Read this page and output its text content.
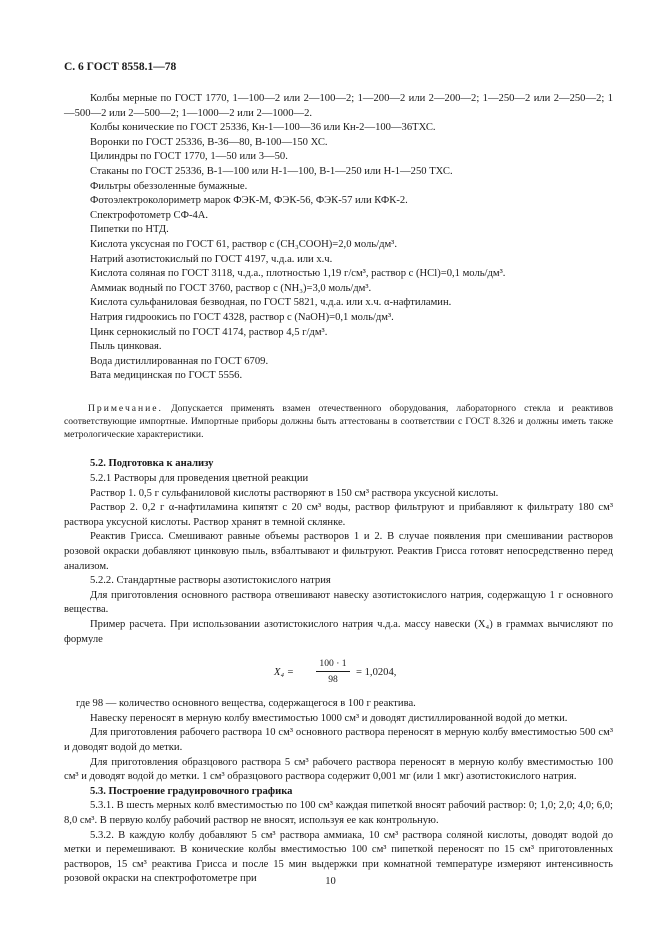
С. 6 ГОСТ 8558.1—78

Колбы мерные по ГОСТ 1770, 1—100—2 или 2—100—2; 1—200—2 или 2—200—2; 1—250—2 или 2—250—2; 1—500—2 или 2—500—2; 1—1000—2 или 2—1000—2.

Колбы конические по ГОСТ 25336, Кн-1—100—36 или Кн-2—100—36ТХС.

Воронки по ГОСТ 25336, В-36—80, В-100—150 ХС.

Цилиндры по ГОСТ 1770, 1—50 или 3—50.

Стаканы по ГОСТ 25336, В-1—100 или Н-1—100, В-1—250 или Н-1—250 ТХС.

Фильтры обеззоленные бумажные.

Фотоэлектроколориметр марок ФЭК-М, ФЭК-56, ФЭК-57 или КФК-2.

Спектрофотометр СФ-4А.

Пипетки по НТД.

Кислота уксусная по ГОСТ 61, раствор c (CH₃COOH)=2,0 моль/дм³.

Натрий азотистокислый по ГОСТ 4197, ч.д.а. или х.ч.

Кислота соляная по ГОСТ 3118, ч.д.а., плотностью 1,19 г/см³, раствор c (HCl)=0,1 моль/дм³.

Аммиак водный по ГОСТ 3760, раствор c (NH₃)=3,0 моль/дм³.

Кислота сульфаниловая безводная, по ГОСТ 5821, ч.д.а. или х.ч. α-нафтиламин.

Натрия гидроокись по ГОСТ 4328, раствор c (NaOH)=0,1 моль/дм³.

Цинк сернокислый по ГОСТ 4174, раствор 4,5 г/дм³.

Пыль цинковая.

Вода дистиллированная по ГОСТ 6709.

Вата медицинская по ГОСТ 5556.

Примечание. Допускается применять взамен отечественного оборудования, лабораторного стекла и реактивов соответствующие импортные. Импортные приборы должны быть аттестованы в соответствии с ГОСТ 8.326 и должны иметь также метрологические характеристики.

5.2. Подготовка к анализу

5.2.1 Растворы для проведения цветной реакции

Раствор 1. 0,5 г сульфаниловой кислоты растворяют в 150 см³ раствора уксусной кислоты.

Раствор 2. 0,2 г α-нафтиламина кипятят с 20 см³ воды, раствор фильтруют и прибавляют к фильтрату 180 см³ раствора уксусной кислоты. Раствор хранят в темной склянке.

Реактив Грисса. Смешивают равные объемы растворов 1 и 2. В случае появления при смешивании растворов розовой окраски добавляют цинковую пыль, взбалтывают и фильтруют. Реактив Грисса готовят непосредственно перед анализом.

5.2.2. Стандартные растворы азотистокислого натрия

Для приготовления основного раствора отвешивают навеску азотистокислого натрия, содержащую 1 г основного вещества.

Пример расчета. При использовании азотистокислого натрия ч.д.а. массу навески (X₄) в граммах вычисляют по формуле

$X_4 = \frac{100 \cdot 1}{98} = 1,0204$,

где 98 — количество основного вещества, содержащегося в 100 г реактива.

Навеску переносят в мерную колбу вместимостью 1000 см³ и доводят дистиллированной водой до метки.

Для приготовления рабочего раствора 10 см³ основного раствора переносят в мерную колбу вместимостью 500 см³ и доводят водой до метки.

Для приготовления образцового раствора 5 см³ рабочего раствора переносят в мерную колбу вместимостью 100 см³ и доводят водой до метки. 1 см³ образцового раствора содержит 0,001 мг (или 1 мкг) азотистокислого натрия.

5.3. Построение градуировочного графика

5.3.1. В шесть мерных колб вместимостью по 100 см³ каждая пипеткой вносят рабочий раствор: 0; 1,0; 2,0; 4,0; 6,0; 8,0 см³. В первую колбу рабочий раствор не вносят, используя ее как контрольную.

5.3.2. В каждую колбу добавляют 5 см³ раствора аммиака, 10 см³ раствора соляной кислоты, доводят водой до метки и перемешивают. В конические колбы вместимостью 100 см³ пипеткой переносят по 15 см³ приготовленных растворов, 15 см³ реактива Грисса и после 15 мин выдержки при комнатной температуре измеряют интенсивность розовой окраски на спектрофотометре при	10
